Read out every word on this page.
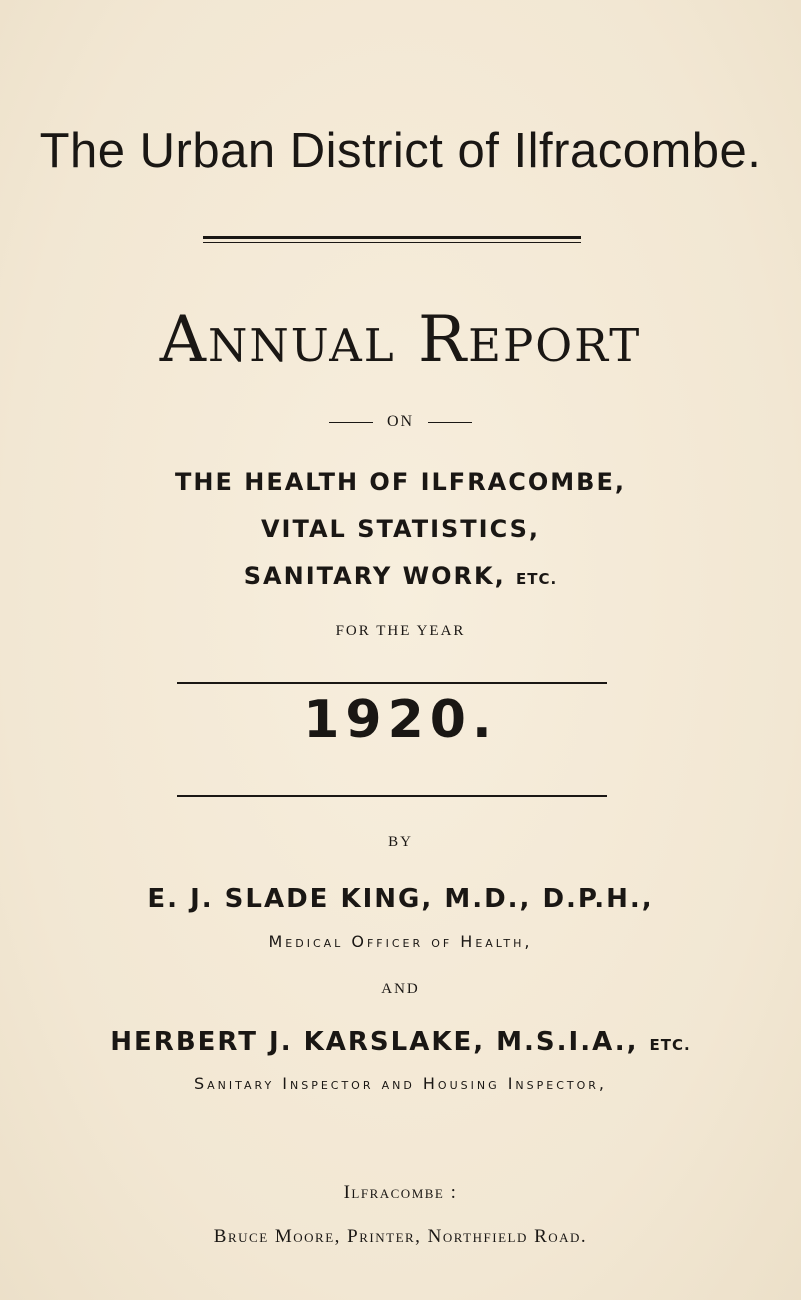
The Urban District of Ilfracombe.
Annual Report
ON
THE HEALTH OF ILFRACOMBE,
VITAL STATISTICS,
SANITARY WORK, ETC.
FOR THE YEAR
1920.
BY
E. J. SLADE KING, M.D., D.P.H.,
Medical Officer of Health,
AND
HERBERT J. KARSLAKE, M.S.I.A., ETC.
Sanitary Inspector and Housing Inspector,
Ilfracombe :
Bruce Moore, Printer, Northfield Road.
